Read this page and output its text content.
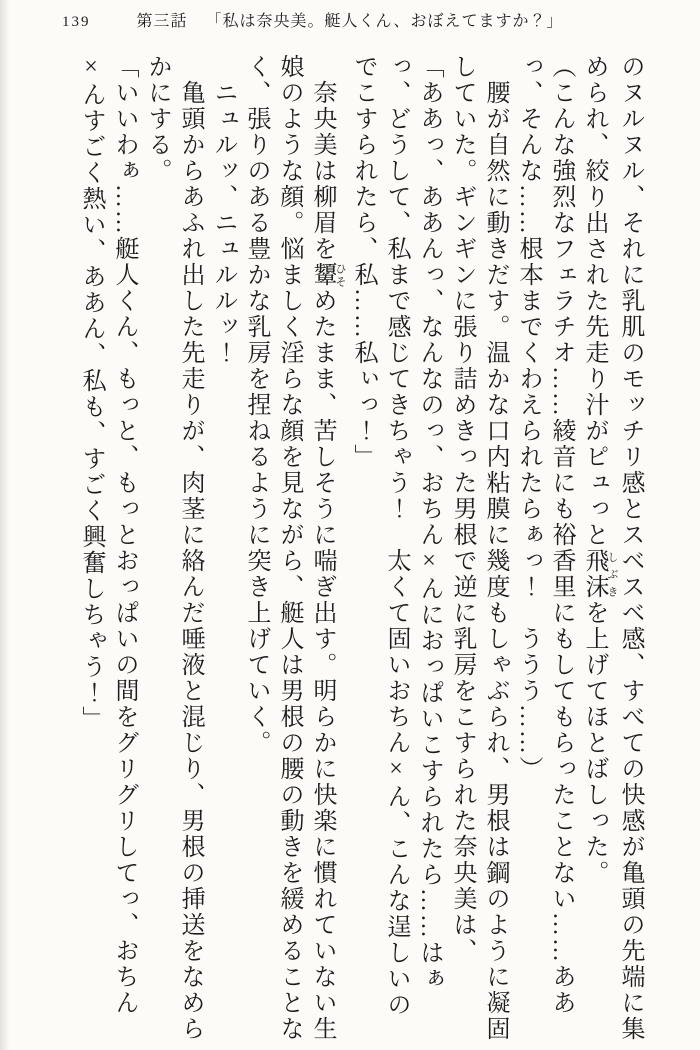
139	第三話 「私は奈央美。艇人くん、おぼえてますか？」

のヌルヌル、それに乳肌のモッチリ感とスベスベ感、すべての快感が亀頭の先端に集められ、絞り出された先走り汁がピュっと飛沫 しぶきを上げてほとばしった。

（こんな強烈なフェラチオ……綾音にも裕香里にもしてもらったことない……ああっ、そんな……根本までくわえられたらぁっ！　ううう……）

腰が自然に動きだす。温かな口内粘膜に幾度もしゃぶられ、男根は鋼のように凝固していた。ギンギンに張り詰めきった男根で逆に乳房をこすられた奈央美は、

「ああっ、ああんっ、なんなのっ、おちん×んにおっぱいこすられたら……はぁっ、どうして、私まで感じてきちゃう！　太くて固いおちん×ん、こんな逞しいのでこすられたら、私……私ぃっ！」

奈央美は柳眉を顰 ひそめたまま、苦しそうに喘ぎ出す。明らかに快楽に慣れていない生娘のような顔。悩ましく淫らな顔を見ながら、艇人は男根の腰の動きを緩めることなく、張りのある豊かな乳房を捏ねるように突き上げていく。

ニュルッ、ニュルルッ！

亀頭からあふれ出した先走りが、肉茎に絡んだ唾液と混じり、男根の挿送をなめらかにする。

「いいわぁ……艇人くん、もっと、もっとおっぱいの間をグリグリしてっ、おちん×んすごく熱い、ああん、私も、すごく興奮しちゃう！」
